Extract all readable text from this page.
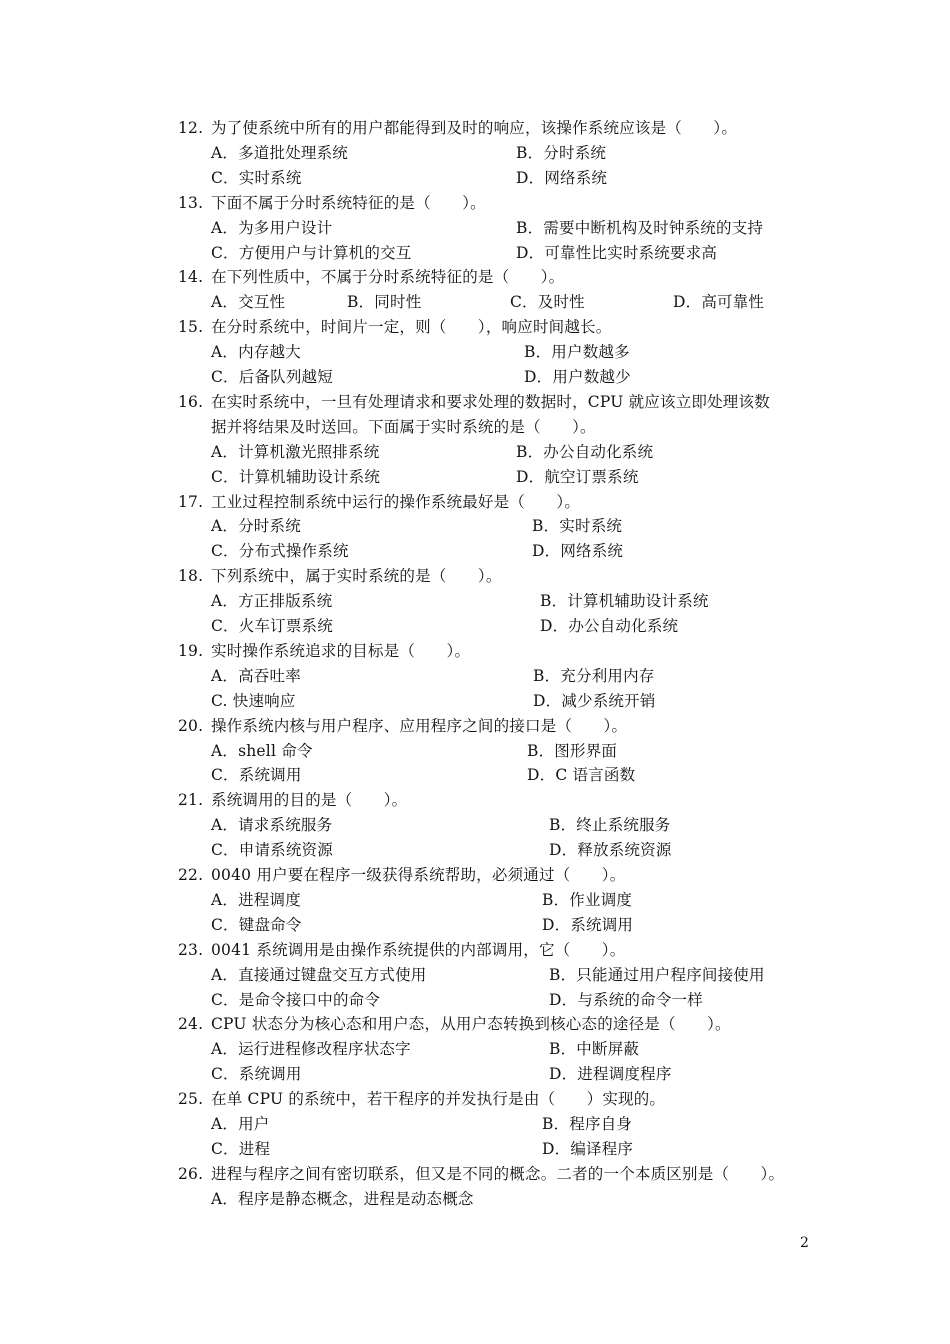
12. 为了使系统中所有的用户都能得到及时的响应，该操作系统应该是（　　）。
A．多道批处理系统	B．分时系统
C．实时系统	D．网络系统
13. 下面不属于分时系统特征的是（　　）。
A．为多用户设计	B．需要中断机构及时钟系统的支持
C．方便用户与计算机的交互	D．可靠性比实时系统要求高
14. 在下列性质中，不属于分时系统特征的是（　　）。
A．交互性	B．同时性	C．及时性	D．高可靠性
15. 在分时系统中，时间片一定，则（　　），响应时间越长。
A．内存越大	B．用户数越多
C．后备队列越短	D．用户数越少
16. 在实时系统中，一旦有处理请求和要求处理的数据时，CPU 就应该立即处理该数
据并将结果及时送回。下面属于实时系统的是（　　）。
A．计算机激光照排系统	B．办公自动化系统
C．计算机辅助设计系统	D．航空订票系统
17. 工业过程控制系统中运行的操作系统最好是（　　）。
A．分时系统	B．实时系统
C．分布式操作系统	D．网络系统
18. 下列系统中，属于实时系统的是（　　）。
A．方正排版系统	B．计算机辅助设计系统
C．火车订票系统	D．办公自动化系统
19. 实时操作系统追求的目标是（　　）。
A．高吞吐率	B．充分利用内存
C. 快速响应	D．减少系统开销
20. 操作系统内核与用户程序、应用程序之间的接口是（　　）。
A．shell 命令	B．图形界面
C．系统调用	D．C 语言函数
21. 系统调用的目的是（　　）。
A．请求系统服务	B．终止系统服务
C．申请系统资源	D．释放系统资源
22. 0040 用户要在程序一级获得系统帮助，必须通过（　　）。
A．进程调度	B．作业调度
C．键盘命令	D．系统调用
23. 0041 系统调用是由操作系统提供的内部调用，它（　　）。
A．直接通过键盘交互方式使用	B．只能通过用户程序间接使用
C．是命令接口中的命令	D．与系统的命令一样
24. CPU 状态分为核心态和用户态，从用户态转换到核心态的途径是（　　）。
A．运行进程修改程序状态字	B．中断屏蔽
C．系统调用	D．进程调度程序
25. 在单 CPU 的系统中，若干程序的并发执行是由（　　）实现的。
A．用户	B．程序自身
C．进程	D．编译程序
26. 进程与程序之间有密切联系，但又是不同的概念。二者的一个本质区别是（　　）。
A．程序是静态概念，进程是动态概念
2
